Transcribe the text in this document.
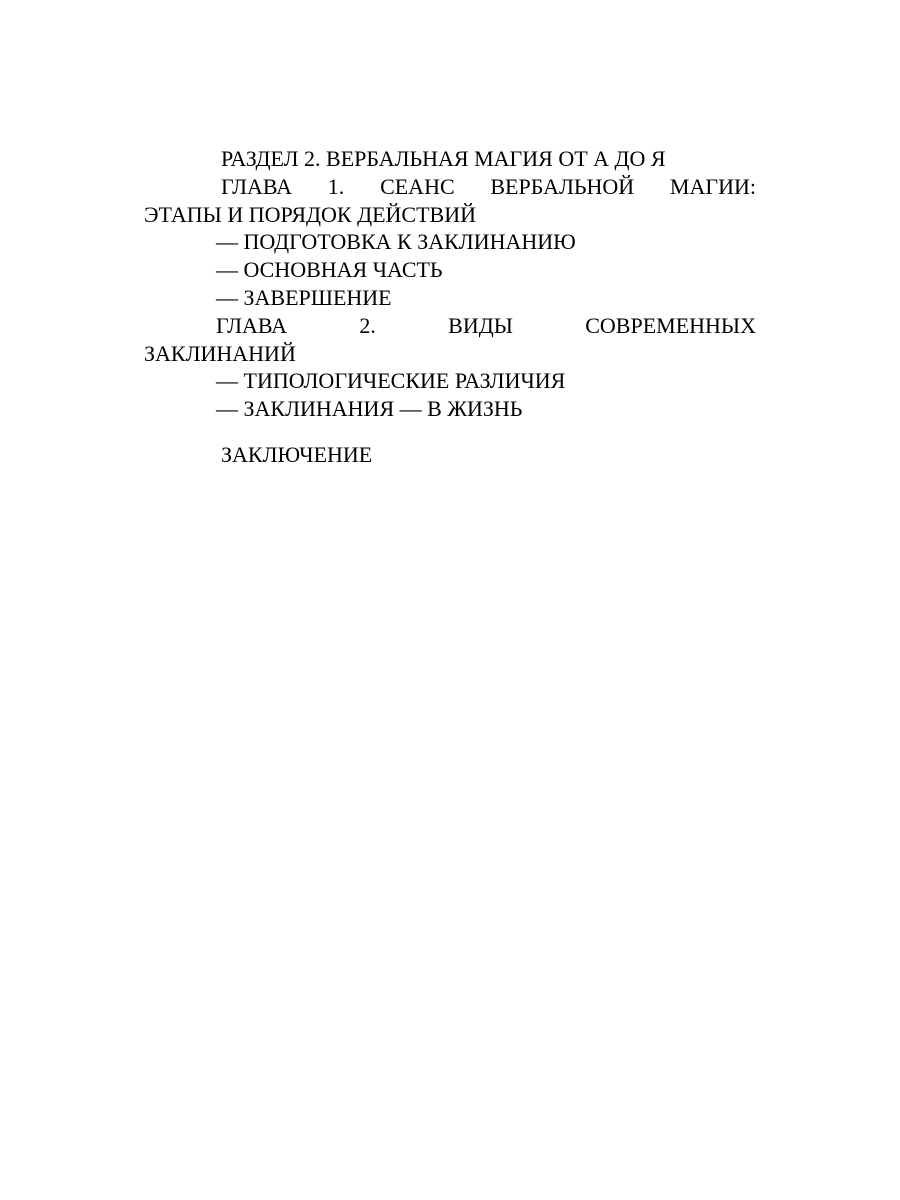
РАЗДЕЛ 2. ВЕРБАЛЬНАЯ МАГИЯ ОТ А ДО Я

ГЛАВА 1. СЕАНС ВЕРБАЛЬНОЙ МАГИИ:

ЭТАПЫ И ПОРЯДОК ДЕЙСТВИЙ

— ПОДГОТОВКА К ЗАКЛИНАНИЮ

— ОСНОВНАЯ ЧАСТЬ

— ЗАВЕРШЕНИЕ

ГЛАВА 2. ВИДЫ СОВРЕМЕННЫХ

ЗАКЛИНАНИЙ

— ТИПОЛОГИЧЕСКИЕ РАЗЛИЧИЯ

— ЗАКЛИНАНИЯ — В ЖИЗНЬ

ЗАКЛЮЧЕНИЕ
